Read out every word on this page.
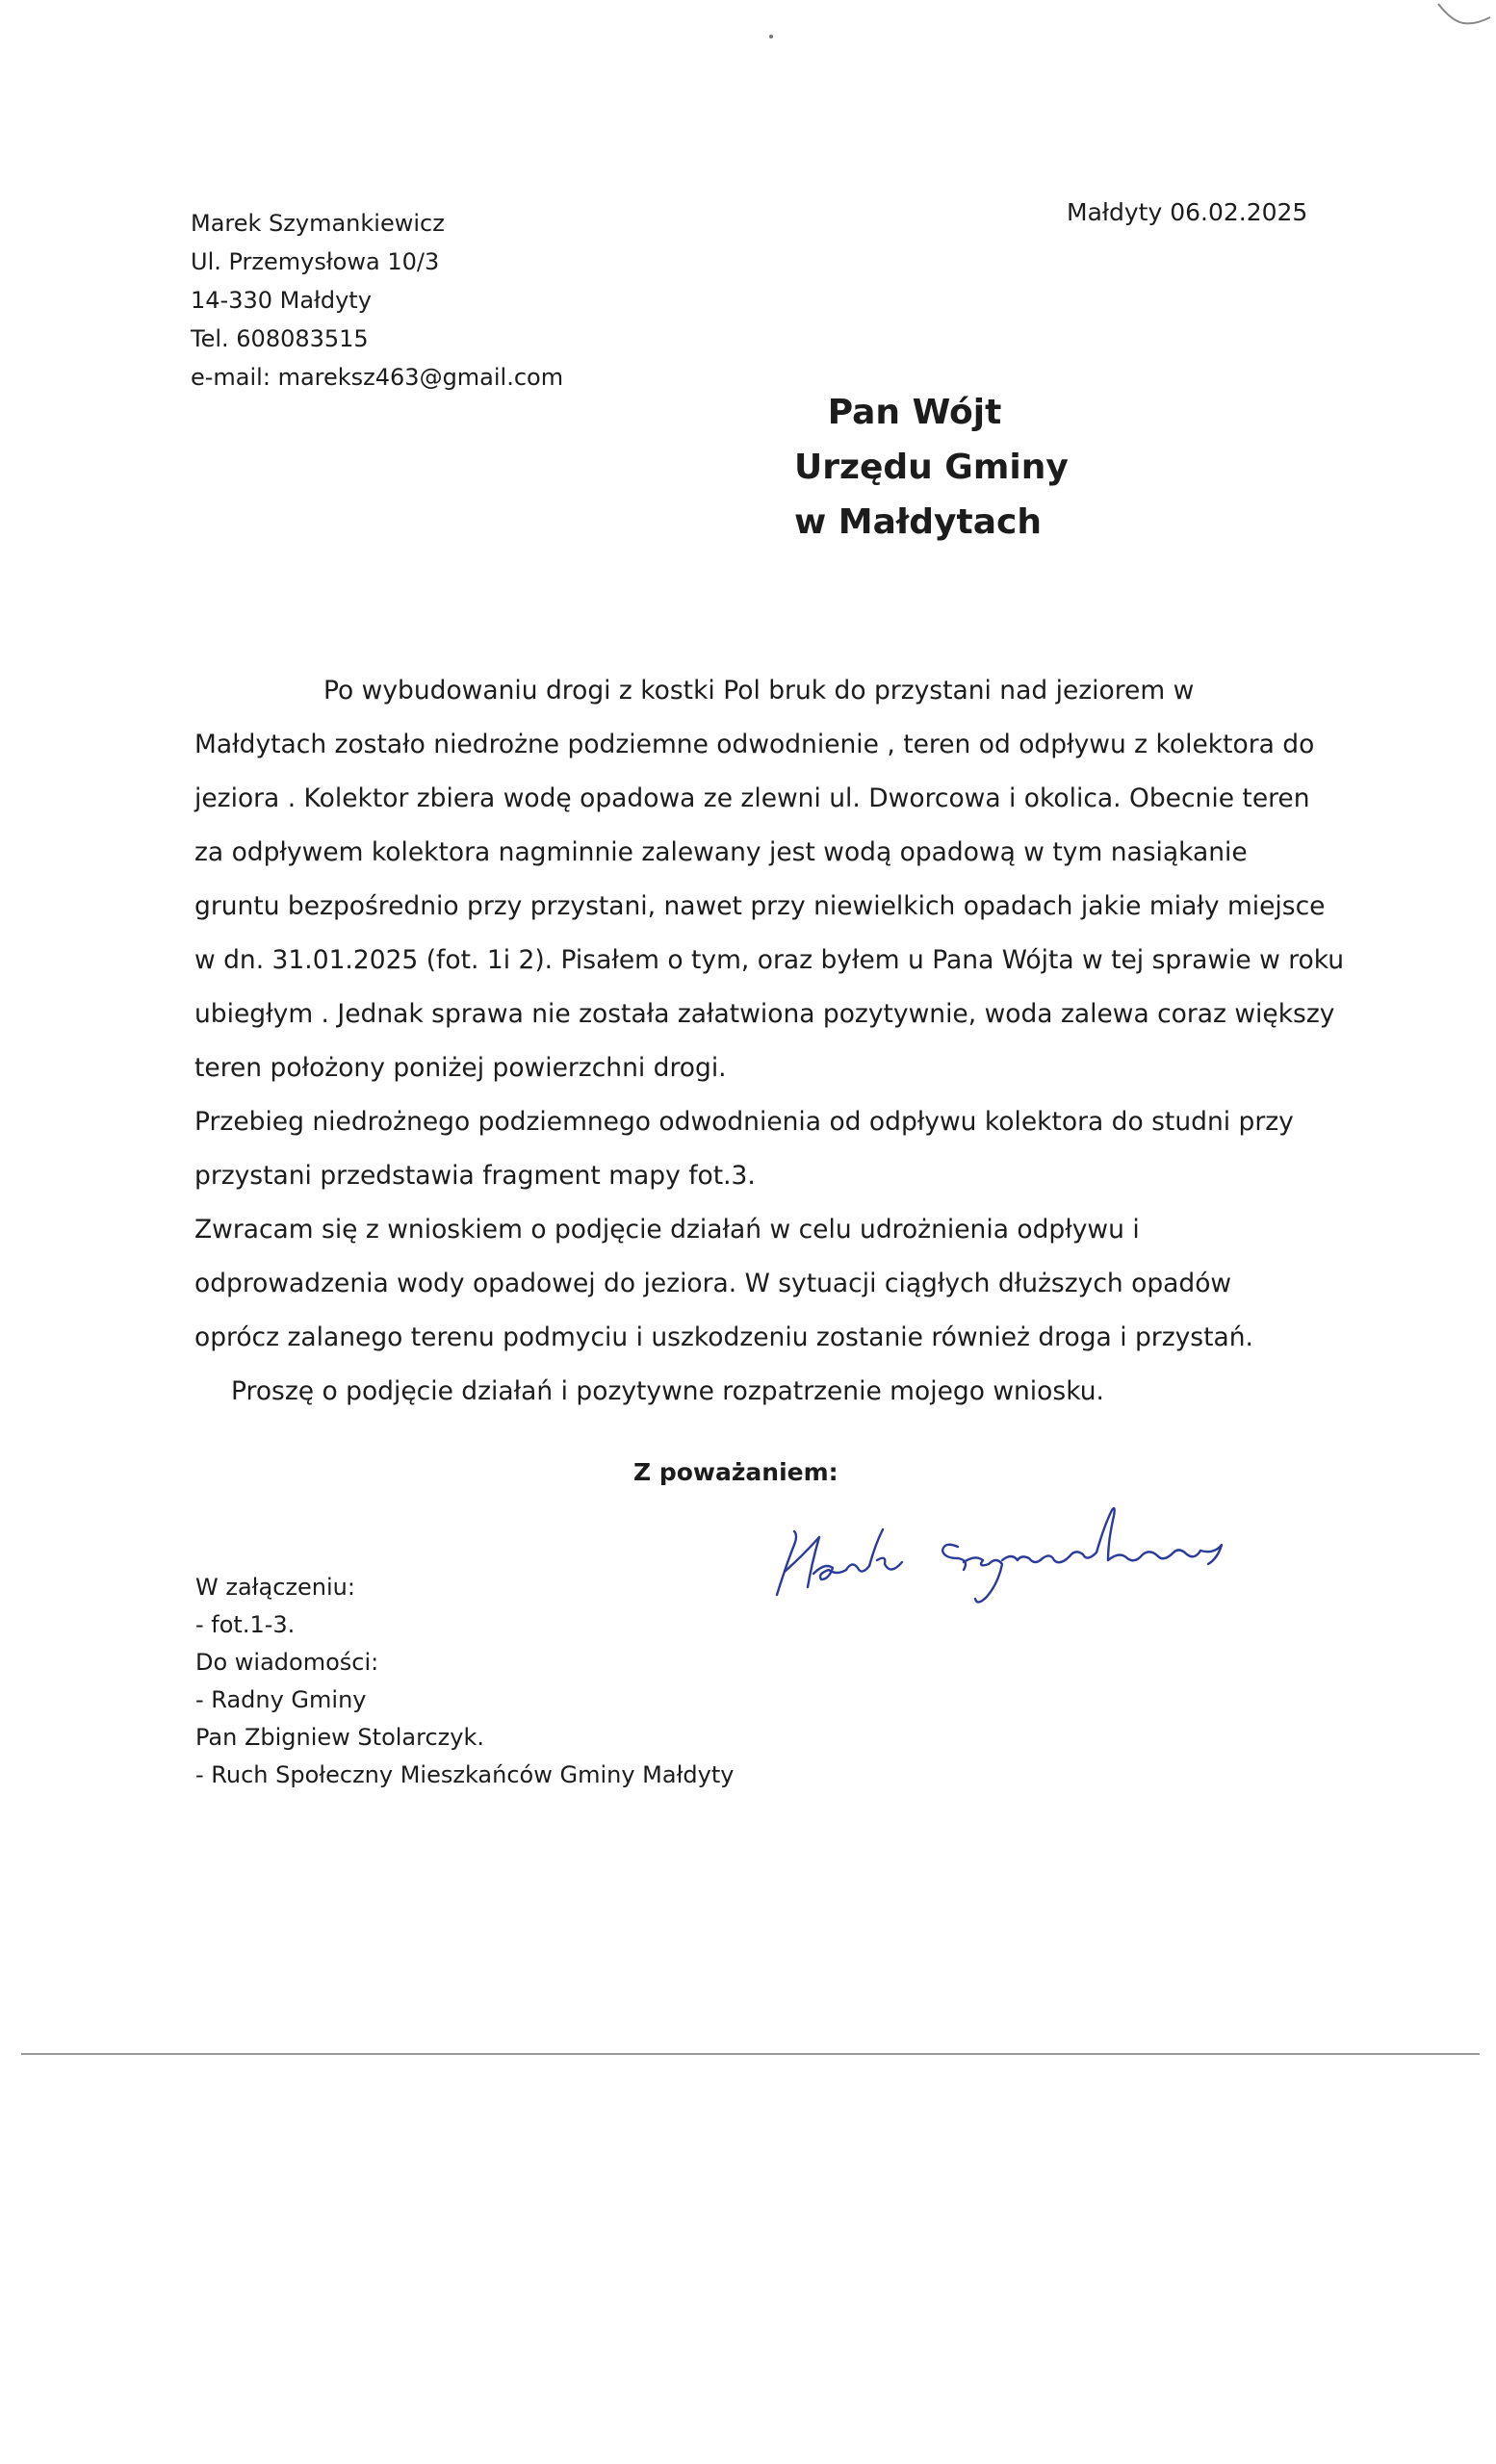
Marek Szymankiewicz
Ul. Przemysłowa 10/3
14-330 Małdyty
Tel. 608083515
e-mail: mareksz463@gmail.com
Małdyty 06.02.2025
Pan Wójt
Urzędu Gminy
w Małdytach
Po wybudowaniu drogi z kostki Pol bruk do przystani nad jeziorem w
Małdytach zostało niedrożne podziemne odwodnienie , teren od odpływu z kolektora do
jeziora . Kolektor zbiera wodę opadowa ze zlewni ul. Dworcowa i okolica. Obecnie teren
za odpływem kolektora nagminnie zalewany jest wodą opadową w tym nasiąkanie
gruntu bezpośrednio przy przystani, nawet przy niewielkich opadach jakie miały miejsce
w dn. 31.01.2025 (fot. 1i 2). Pisałem o tym, oraz byłem u Pana Wójta w tej sprawie w roku
ubiegłym . Jednak sprawa nie została załatwiona pozytywnie, woda zalewa coraz większy
teren położony poniżej powierzchni drogi.
Przebieg niedrożnego podziemnego odwodnienia od odpływu kolektora do studni przy
przystani przedstawia fragment mapy fot.3.
Zwracam się z wnioskiem o podjęcie działań w celu udrożnienia odpływu i
odprowadzenia wody opadowej do jeziora. W sytuacji ciągłych dłuższych opadów
oprócz zalanego terenu podmyciu i uszkodzeniu zostanie również droga i przystań.
Proszę o podjęcie działań i pozytywne rozpatrzenie mojego wniosku.
Z poważaniem:
W załączeniu:
- fot.1-3.
Do wiadomości:
- Radny Gminy
Pan Zbigniew Stolarczyk.
- Ruch Społeczny Mieszkańców Gminy Małdyty
